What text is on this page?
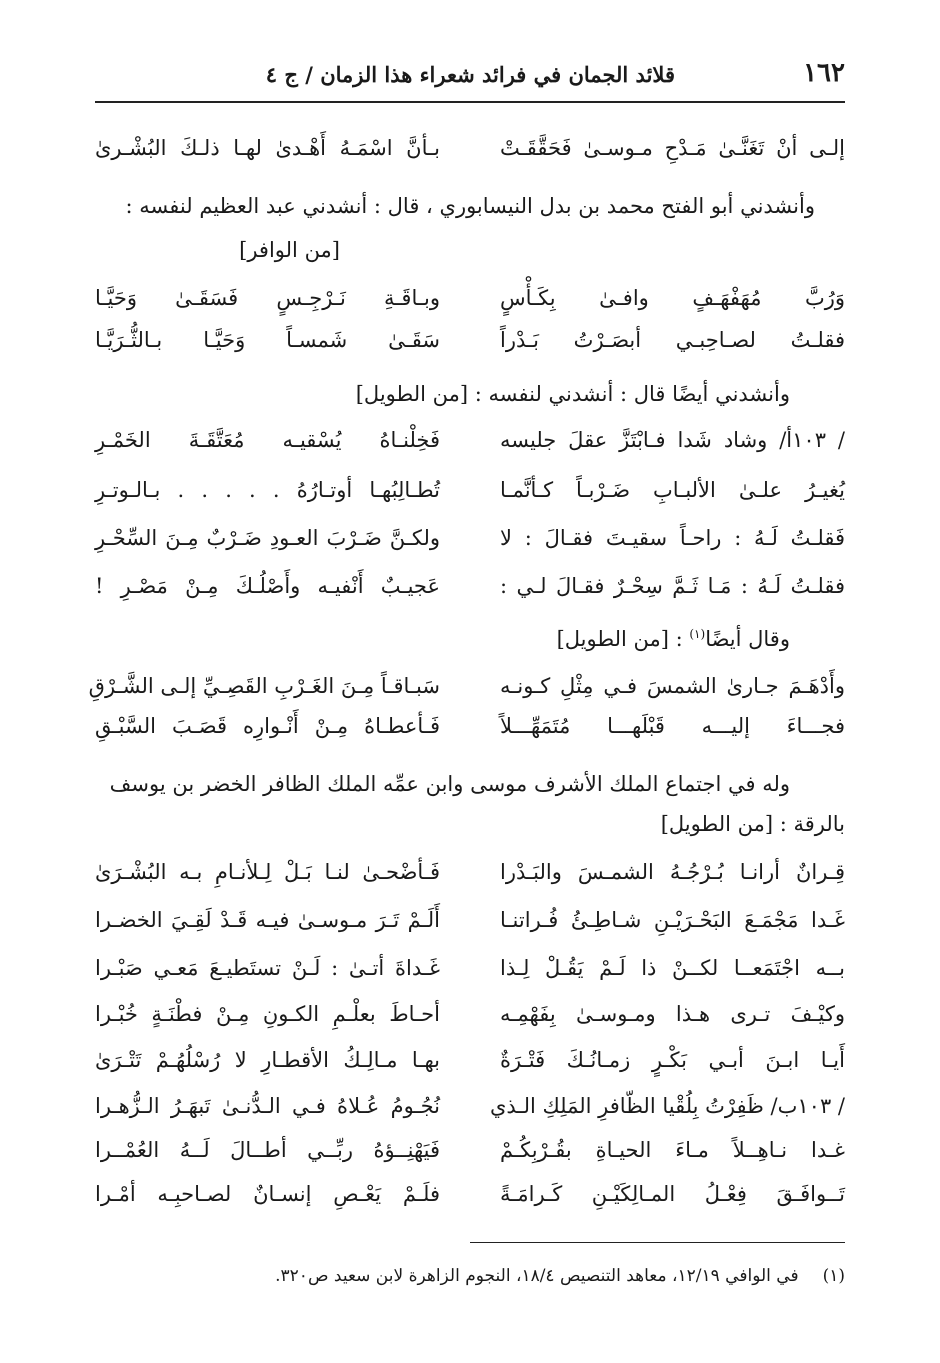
١٦٢
قلائد الجمان في فرائد شعراء هذا الزمان / ج ٤
إلـى أنْ تَغَنَّـىٰ مَـدْحِ مـوسـىٰ فَحَقَّقَـتْ
بـأنَّ اسْمَـهُ أَهْـدىٰ لهـا ذلـكَ البُشْـرىٰ
وأنشدني أبو الفتح محمد بن بدل النيسابوري ، قال : أنشدني عبد العظيم لنفسه :
[من الوافر]
وَرُبَّ مُهَفْهَـفٍ وافـىٰ بِكَـأْسٍ
وبـاقَـةِ نَـرْجِـسٍ فَسَقَـىٰ وَحَيَّـا
فقلـتُ لصـاحِبـي أبصَـرْتُ بَـدْراً
سَقَـىٰ شَمسـاً وَحَيَّـا بـالثُّـرَيَّـا
وأنشدني أيضًا قال : أنشدني لنفسه : [من الطويل]
/ ١٠٣أ/ وشاد شَدا فـابْتَزَّ عقلَ جليسه
فَخِلْنـاهُ يُسْقيـه مُعَتَّقَـةَ الخَمْـرِ
يُغيـرُ علـىٰ الألبـابِ ضَـرْبـاً كـأنَّمـا
تُطـالِبُهـا أوتـارُهُ . . . . . بـالـوتـرِ
فَقلـتُ لَـهُ : راحـاً سقيـتَ فقـالَ : لا
ولكـنَّ ضَـرْبَ العـودِ ضَـرْبٌ مِـنَ السِّحْـرِ
فقلـتُ لَـهُ : مَـا ثَـمَّ سِحْـرٌ فقـالَ لـي :
عَجيـبٌ أَنْفيـه وأَصْلُـكَ مِـنْ مَصْـرِ !
وقال أيضًا$^{(١)}$ : [من الطويل]
وأَدْهَـمَ جـارىٰ الشمسَ فـي مِثْلِ كـونـه
سَبـاقـاً مِـنَ الغَـرْبِ القَصِـيِّ إلـى الشَّـرْقِ
فجـــاءَ إليـــه قَبْلَهـــا مُتَمَهِّـــلاً
فَـأعطـاهُ مِـنْ أَنْـوارِه قَصَـبَ السَّبْـقِ
وله في اجتماع الملك الأشرف موسى وابن عمِّه الملك الظافر الخضر بن يوسف
بالرقة : [من الطويل]
قِـرانٌ أرانـا بُـرْجُـهُ الشمـسَ والبَـدْرا
فَـأضْحـىٰ لنـا بَـلْ لِـلأنـامِ بـه البُشْـرَىٰ
غَـدا مَجْمَـعَ البَحْـرَيْـنِ شـاطِـئُ فُـراتنـا
أَلَـمْ تَـرَ مـوسـىٰ فيـه قَـدْ لَقِـيَ الخضـرا
بــه اجْتَمَعــا لكــنْ ذا لَـمْ يَقُـلْ لِـذا
غَـداةَ أتـىٰ : لَـنْ تستَطيـعَ مَعـي صَبْـرا
وكيْـفَ تـرى هـذا ومـوسـىٰ بِفَهْمِـه
أحـاطَ بعلْـمِ الكـونِ مِـنْ فطْنَـةٍ خُبْـرا
أَيـا ابـنَ أبـي بَكْـرٍ زمـانُـكَ فَتْـرَةٌ
بهـا مـالِـكُ الأقطـارِ لا رُسْلُهُـمْ تَتْـرَىٰ
/ ١٠٣ب/ ظَفِرْتُ بِلُقْيا الظّافرِ المَلِكِ الـذي
نُجُـومُ عُـلاهُ فـي الـدُّنـىٰ تَبهَـرُ الـزُّهـرا
غـدا نـاهِــلاً مـاءَ الحيـاةِ بقُـرْبِكُـمْ
فَيَهْنِــؤهُ ربِّــي أطــالَ لَــهُ العُمْــرا
تَــوافَـقَ فِعْـلُ المـالِكَيْـنِ كَـرامَـةً
فلَـمْ يَعْـصِ إنسـانٌ لصـاحبِـه أمْـرا
(١)في الوافي ١٢/١٩، معاهد التنصيص ١٨/٤، النجوم الزاهرة لابن سعيد ص٣٢٠.
